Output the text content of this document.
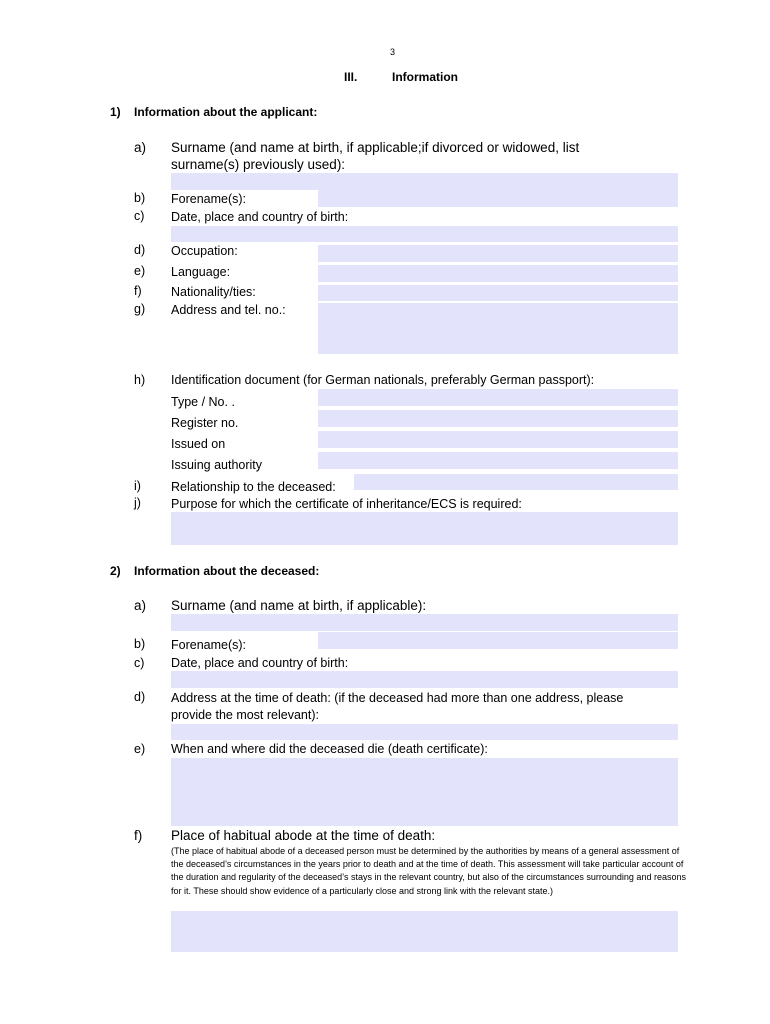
3
III.	Information
1) Information about the applicant:
a) Surname (and name at birth, if applicable;if divorced or widowed, list
surname(s) previously used):
b) Forename(s):
c) Date, place and country of birth:
d) Occupation:
e) Language:
f) Nationality/ties:
g) Address and tel. no.:
h) Identification document (for German nationals, preferably German passport):
Type / No. .
Register no.
Issued on
Issuing authority
i) Relationship to the deceased:
j) Purpose for which the certificate of inheritance/ECS is required:
2) Information about the deceased:
a) Surname (and name at birth, if applicable):
b) Forename(s):
c) Date, place and country of birth:
d) Address at the time of death: (if the deceased had more than one address, please
provide the most relevant):
e) When and where did the deceased die (death certificate):
f) Place of habitual abode at the time of death:
(The place of habitual abode of a deceased person must be determined by the authorities by means of a general assessment of the deceased’s circumstances in the years prior to death and at the time of death. This assessment will take particular account of the duration and regularity of the deceased’s stays in the relevant country, but also of the circumstances surrounding and reasons for it. These should show evidence of a particularly close and strong link with the relevant state.)
